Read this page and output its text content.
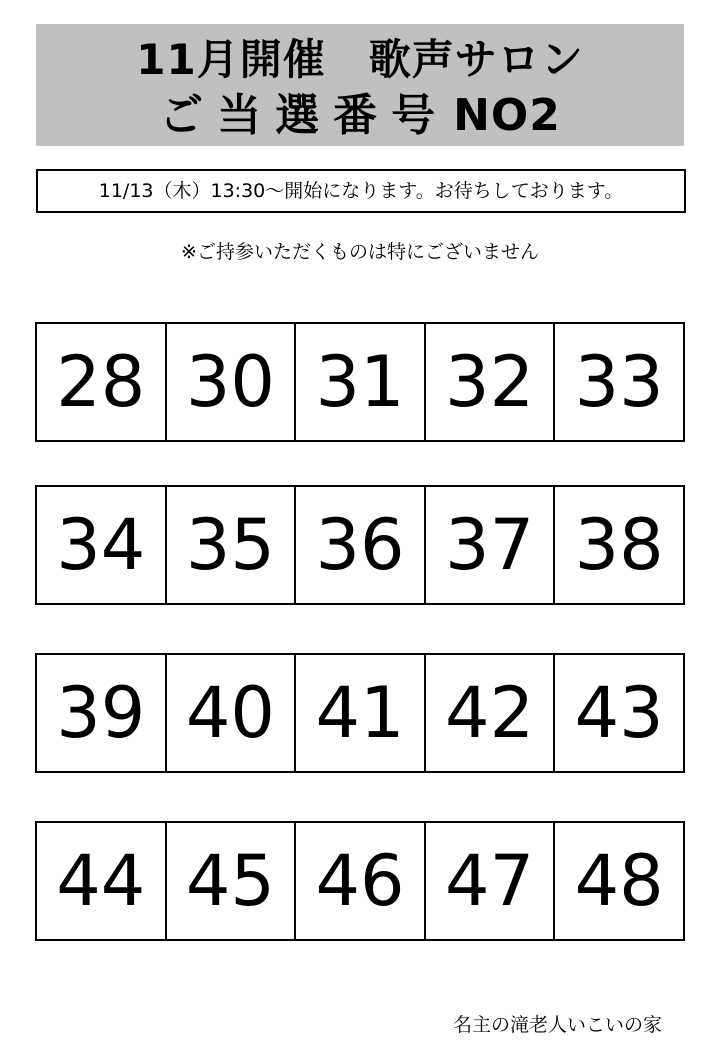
11月開催　歌声サロン
ご当選番号NO2
11/13（木）13:30～開始になります。お待ちしております。
※ご持参いただくものは特にございません
28 30 31 32 33
34 35 36 37 38
39 40 41 42 43
44 45 46 47 48
名主の滝老人いこいの家
